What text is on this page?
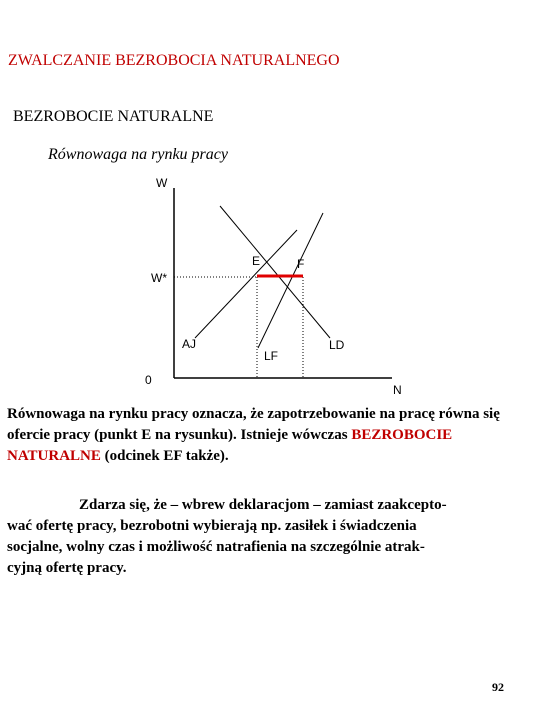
ZWALCZANIE BEZROBOCIA NATURALNEGO

BEZROBOCIE NATURALNE

Równowaga na rynku pracy

W
N
0
W*
E	F
AJ
LF
LD

Równowaga na rynku pracy oznacza, że zapotrzebowanie na pracę równa się ofercie pracy (punkt E na rysunku). Istnieje wówczas BEZROBOCIE NATURALNE (odcinek EF także).

Zdarza się, że – wbrew deklaracjom – zamiast zaakcepto-
wać ofertę pracy, bezrobotni wybierają np. zasiłek i świadczenia
socjalne, wolny czas i możliwość natrafienia na szczególnie atrak-
cyjną ofertę pracy.

92
